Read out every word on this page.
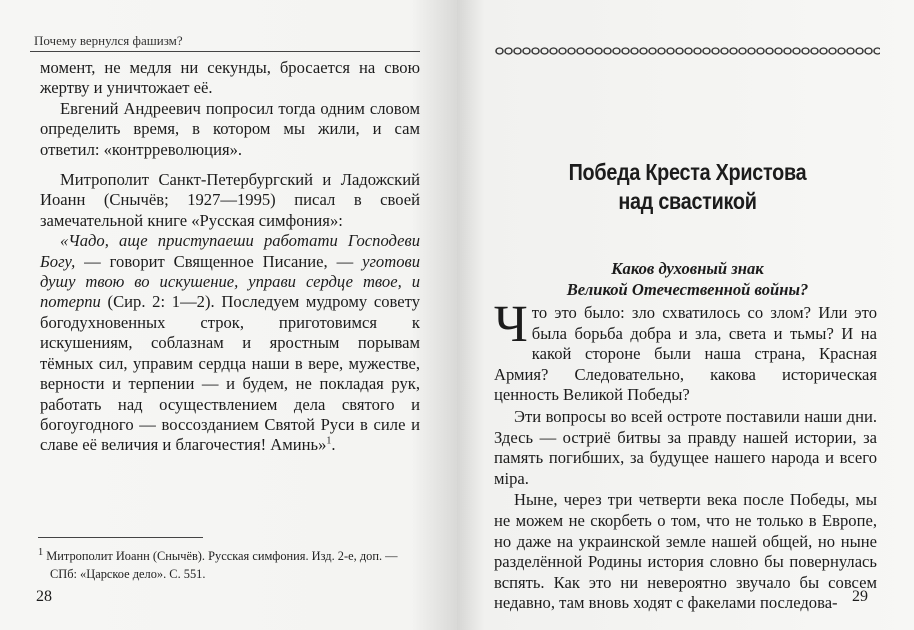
Почему вернулся фашизм?

момент, не медля ни секунды, бросается на свою жертву и уничтожает её.

Евгений Андреевич попросил тогда одним словом определить время, в котором мы жили, и сам ответил: «контрреволюция».

Митрополит Санкт-Петербургский и Ладожский Иоанн (Снычёв; 1927—1995) писал в своей замечательной книге «Русская симфония»:

«Чадо, аще приступаеши работати Господеви Богу, — говорит Священное Писание, — уготови душу твою во искушение, управи сердце твое, и потерпи (Сир. 2: 1—2). Последуем мудрому совету богодухновенных строк, приготовимся к искушениям, соблазнам и яростным порывам тёмных сил, управим сердца наши в вере, мужестве, верности и терпении — и будем, не покладая рук, работать над осуществлением дела святого и богоугодного — воссозданием Святой Руси в силе и славе её величия и благочестия! Аминь»$^1$.

$^1$ Митрополит Иоанн (Снычёв). Русская симфония. Изд. 2-е, доп. —
СПб: «Царское дело». С. 551.
28
Победа Креста Христова
над свастикой
Каков духовный знак
Великой Отечественной войны?

Что это было: зло схватилось со злом? Или это была борьба добра и зла, света и тьмы? И на какой стороне были наша страна, Красная Армия? Следовательно, какова историческая ценность Великой Победы?

Эти вопросы во всей остроте поставили наши дни. Здесь — остриё битвы за правду нашей истории, за память погибших, за будущее нашего народа и всего міра.

Ныне, через три четверти века после Победы, мы не можем не скорбеть о том, что не только в Европе, но даже на украинской земле нашей общей, но ныне разделённой Родины история словно бы повернулась вспять. Как это ни невероятно звучало бы совсем недавно, там вновь ходят с факелами последова- 29
